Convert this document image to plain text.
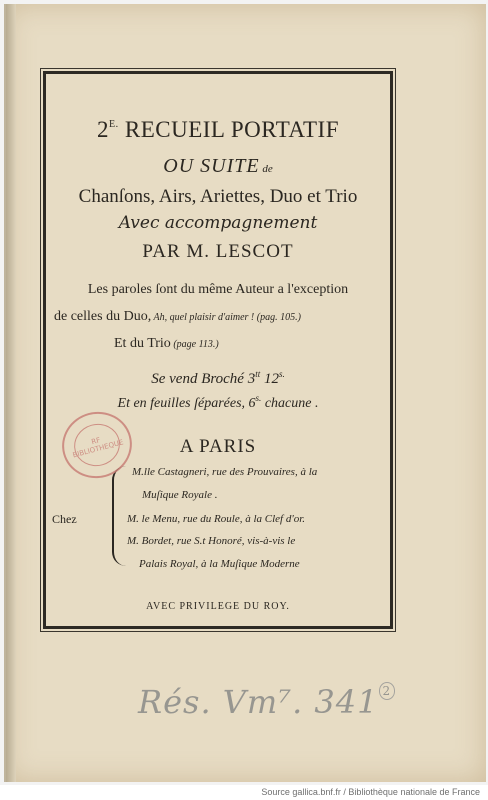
$2^{E.}$ RECUEIL PORTATIF
OU SUITE de
Chanſons, Airs, Ariettes, Duo et Trio
Avec accompagnement
PAR M. LESCOT
Les paroles ſont du même Auteur a l'exception
de celles du Duo, Ah, quel plaisir d'aimer ! (pag. 105.)
Et du Trio (page 113.)
Se vend Broché $3^{tt}$ $12^{s.}$
Et en feuilles ſéparées, $6^{s.}$ chacune .
A PARIS
Chez
M.lle Castagneri, rue des Prouvaires, à la
Muſique Royale .
M. le Menu, rue du Roule, à la Clef d'or.
M. Bordet, rue S.t Honoré, vis-à-vis le
Palais Royal, à la Muſique Moderne
AVEC PRIVILEGE DU ROY.
RF BIBLIOTHEQUE
Rés. Vm⁷. 341 $^2$
Source gallica.bnf.fr / Bibliothèque nationale de France
